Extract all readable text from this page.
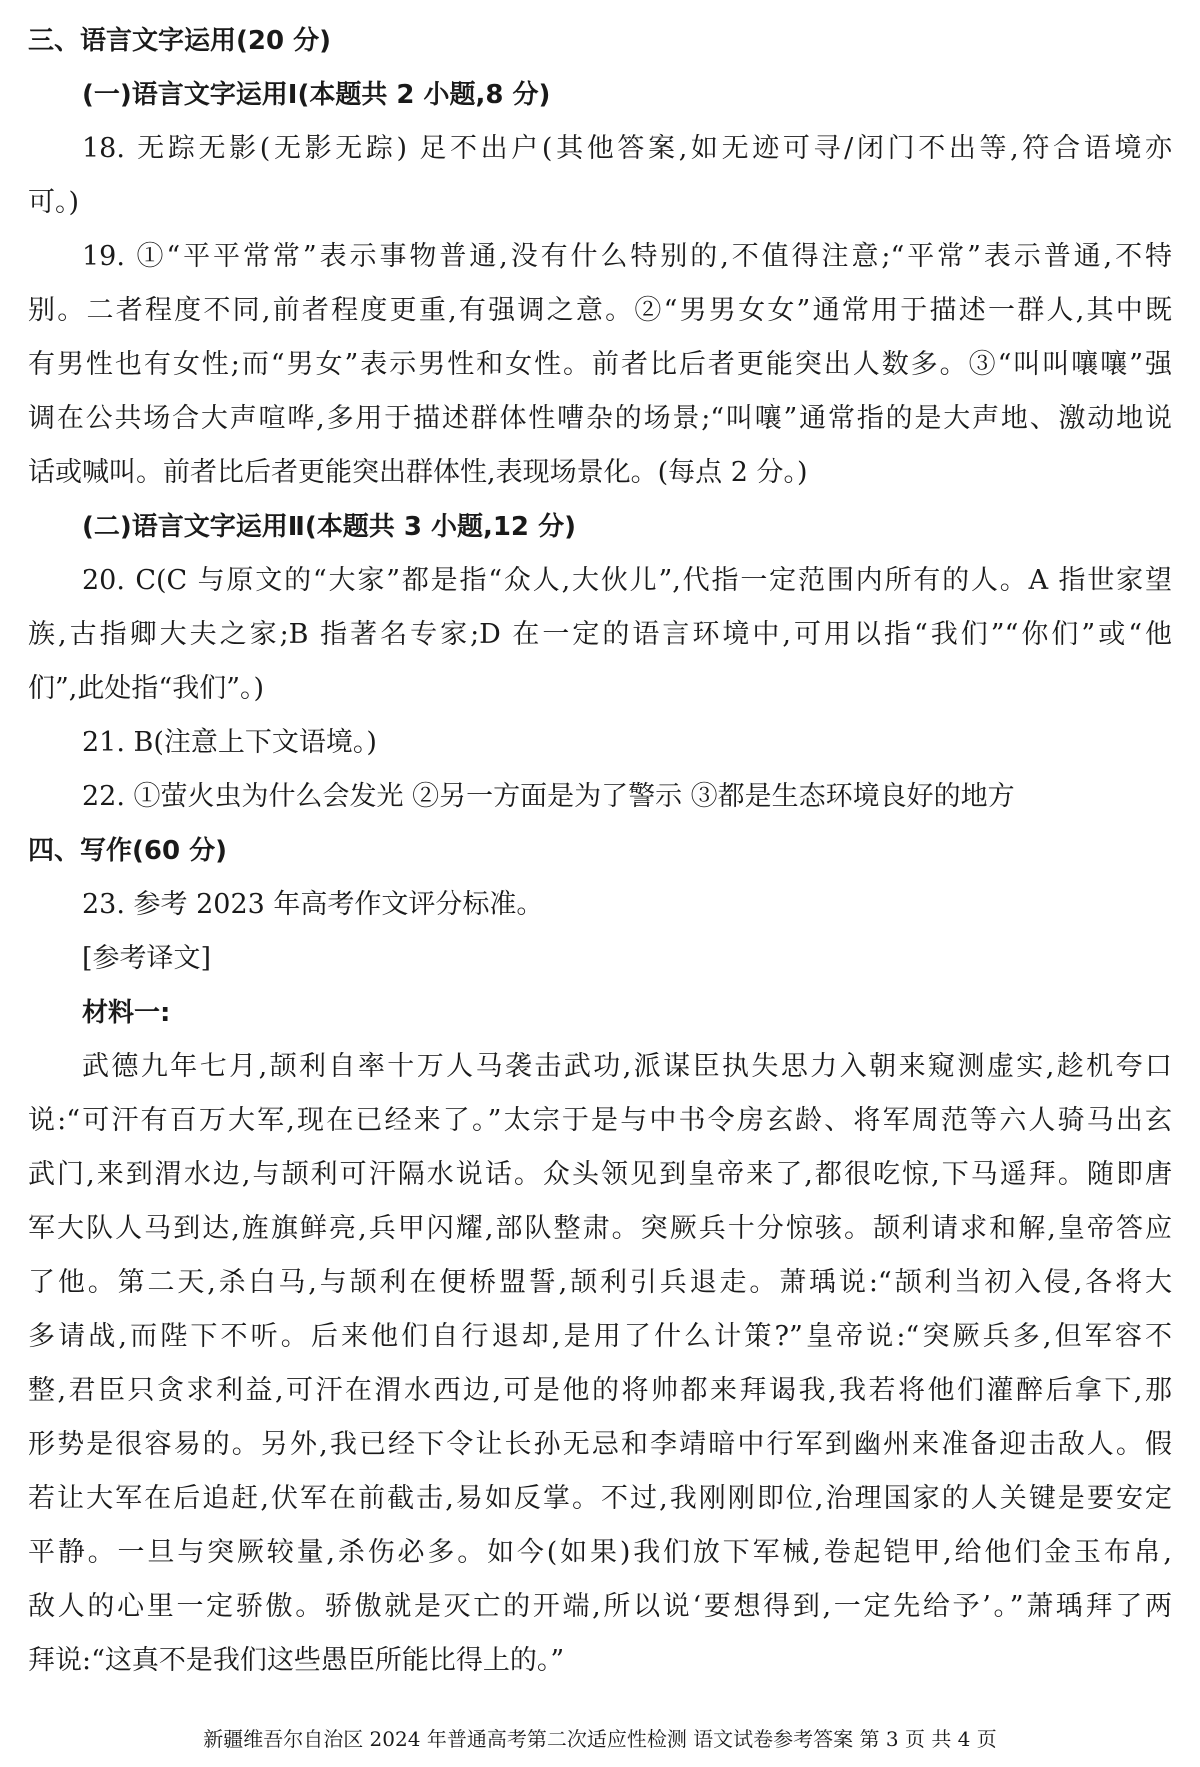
三、语言文字运用(20 分)
(一)语言文字运用Ⅰ(本题共 2 小题,8 分)
18. 无踪无影(无影无踪) 足不出户(其他答案,如无迹可寻/闭门不出等,符合语境亦
可。)
19. ①“平平常常”表示事物普通,没有什么特别的,不值得注意;“平常”表示普通,不特
别。二者程度不同,前者程度更重,有强调之意。②“男男女女”通常用于描述一群人,其中既
有男性也有女性;而“男女”表示男性和女性。前者比后者更能突出人数多。③“叫叫嚷嚷”强
调在公共场合大声喧哗,多用于描述群体性嘈杂的场景;“叫嚷”通常指的是大声地、激动地说
话或喊叫。前者比后者更能突出群体性,表现场景化。(每点 2 分。)
(二)语言文字运用Ⅱ(本题共 3 小题,12 分)
20. C(C 与原文的“大家”都是指“众人,大伙儿”,代指一定范围内所有的人。A 指世家望
族,古指卿大夫之家;B 指著名专家;D 在一定的语言环境中,可用以指“我们”“你们”或“他
们”,此处指“我们”。)
21. B(注意上下文语境。)
22. ①萤火虫为什么会发光 ②另一方面是为了警示 ③都是生态环境良好的地方
四、写作(60 分)
23. 参考 2023 年高考作文评分标准。
[参考译文]
材料一:
武德九年七月,颉利自率十万人马袭击武功,派谋臣执失思力入朝来窥测虚实,趁机夸口
说:“可汗有百万大军,现在已经来了。”太宗于是与中书令房玄龄、将军周范等六人骑马出玄
武门,来到渭水边,与颉利可汗隔水说话。众头领见到皇帝来了,都很吃惊,下马遥拜。随即唐
军大队人马到达,旌旗鲜亮,兵甲闪耀,部队整肃。突厥兵十分惊骇。颉利请求和解,皇帝答应
了他。第二天,杀白马,与颉利在便桥盟誓,颉利引兵退走。萧瑀说:“颉利当初入侵,各将大
多请战,而陛下不听。后来他们自行退却,是用了什么计策?”皇帝说:“突厥兵多,但军容不
整,君臣只贪求利益,可汗在渭水西边,可是他的将帅都来拜谒我,我若将他们灌醉后拿下,那
形势是很容易的。另外,我已经下令让长孙无忌和李靖暗中行军到幽州来准备迎击敌人。假
若让大军在后追赶,伏军在前截击,易如反掌。不过,我刚刚即位,治理国家的人关键是要安定
平静。一旦与突厥较量,杀伤必多。如今(如果)我们放下军械,卷起铠甲,给他们金玉布帛,
敌人的心里一定骄傲。骄傲就是灭亡的开端,所以说‘要想得到,一定先给予’。”萧瑀拜了两
拜说:“这真不是我们这些愚臣所能比得上的。”
新疆维吾尔自治区 2024 年普通高考第二次适应性检测 语文试卷参考答案 第 3 页 共 4 页
